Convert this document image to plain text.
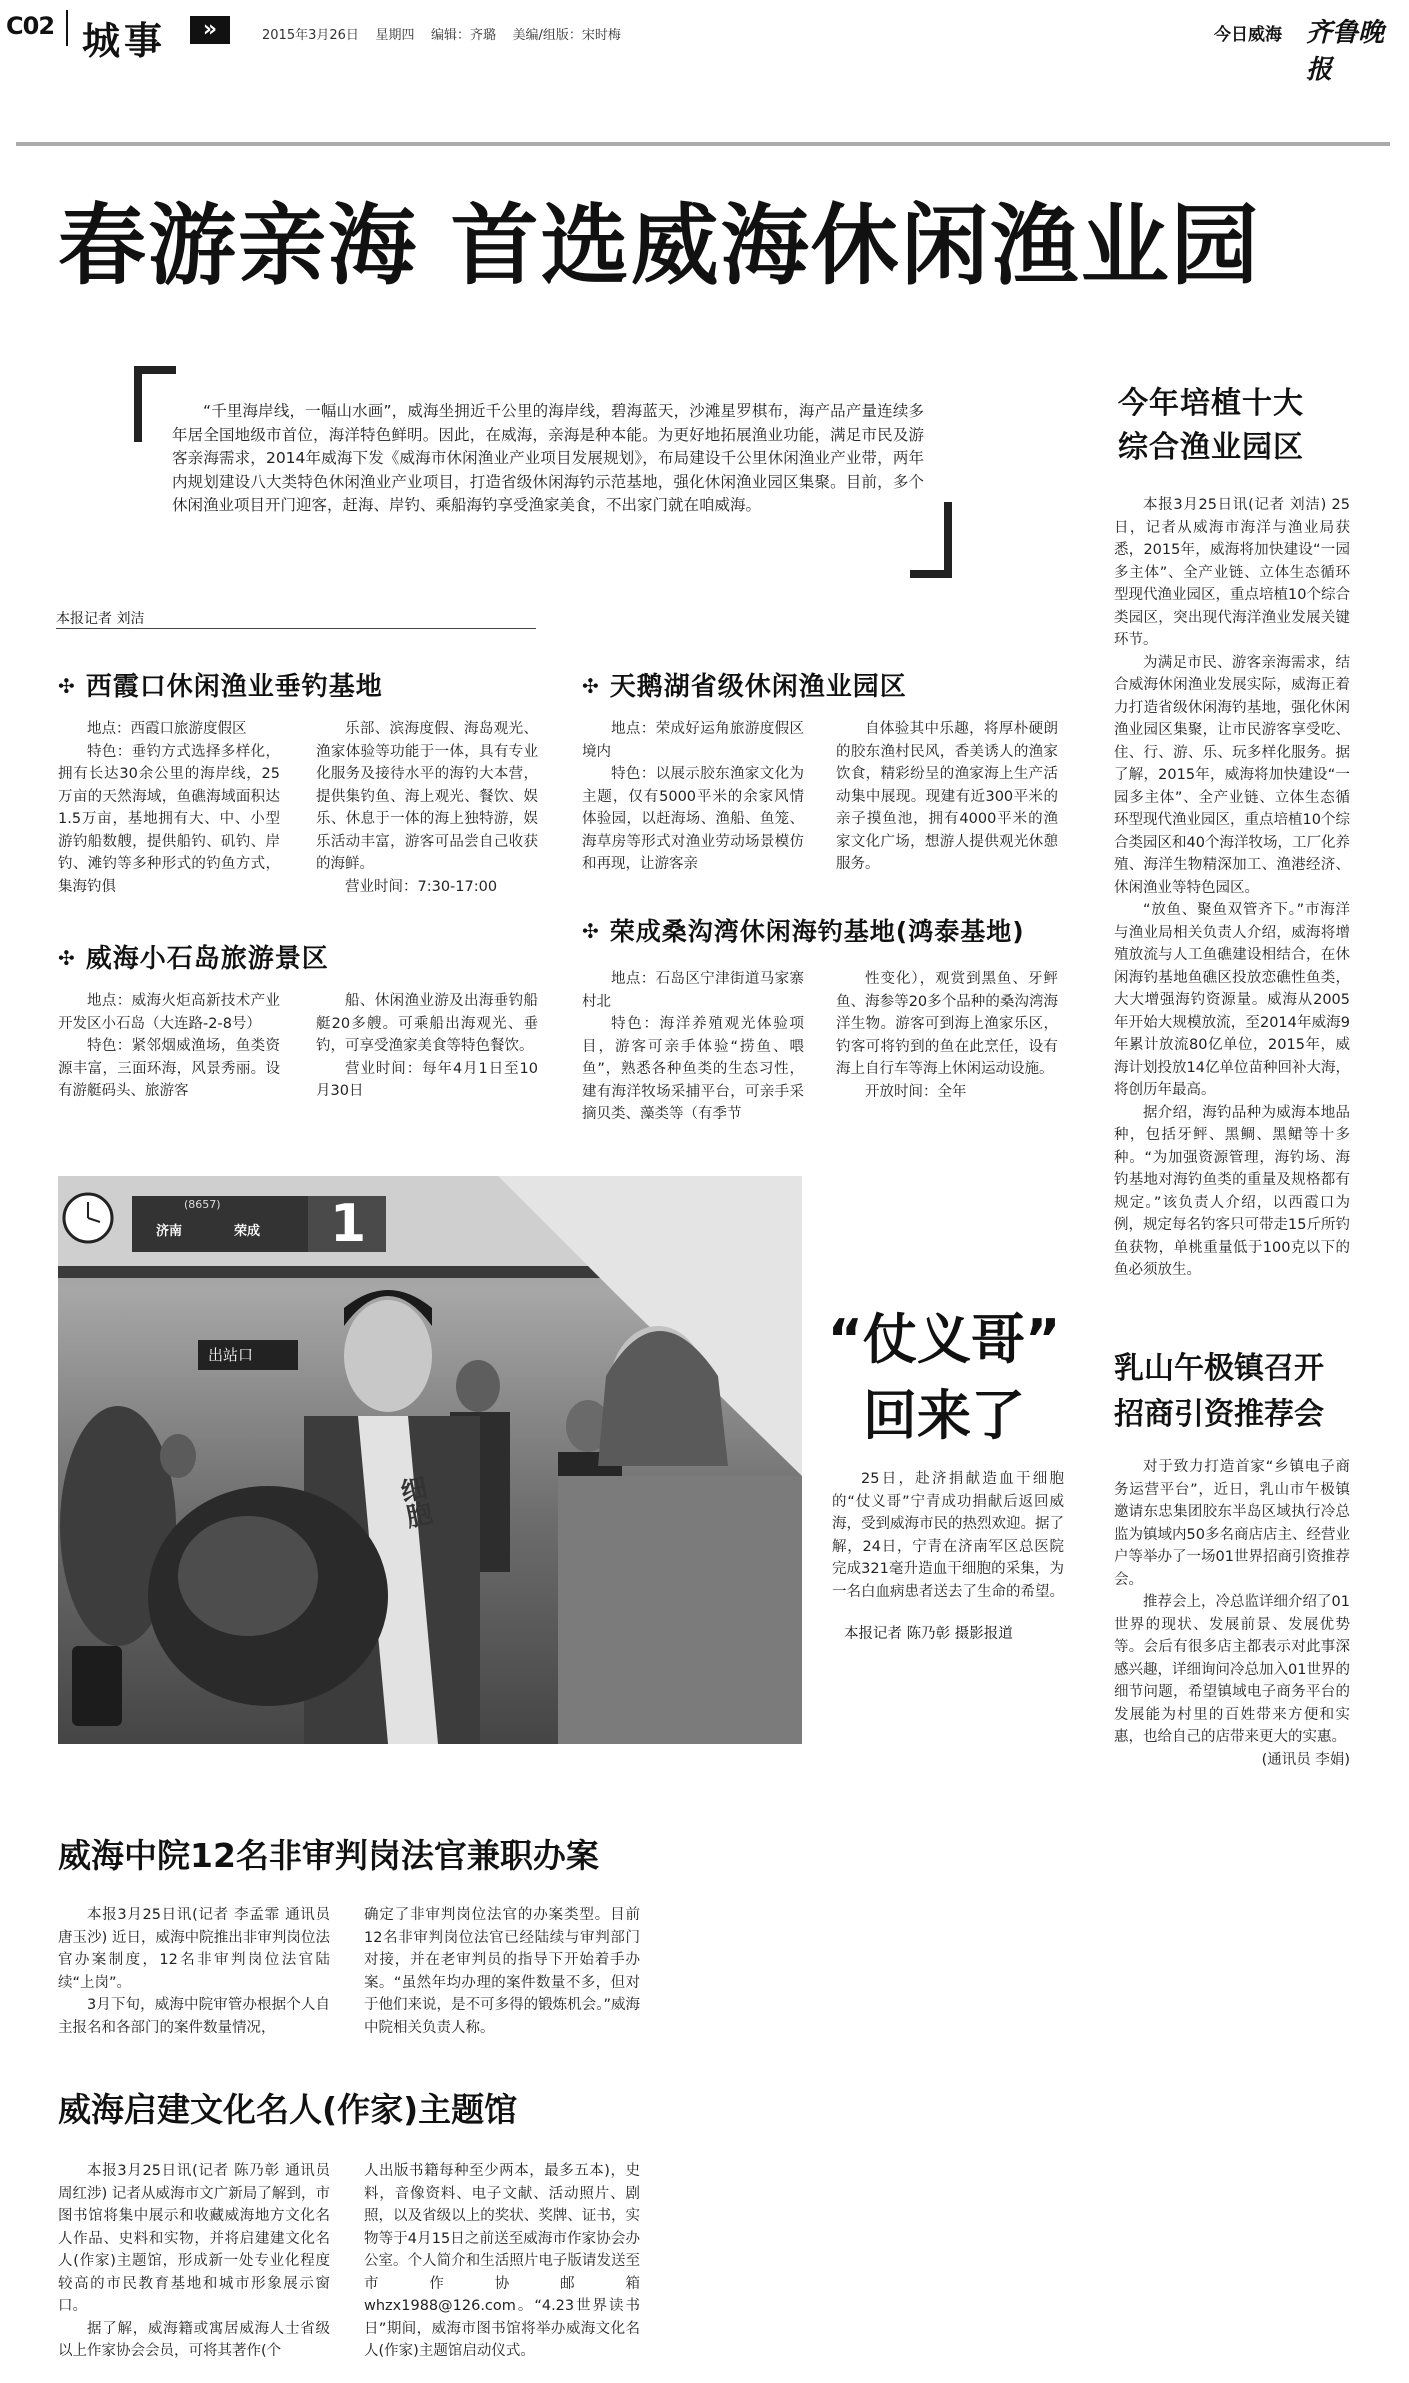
C02 城事	»	2015年3月26日 星期四 编辑：齐璐 美编/组版：宋时梅	今日威海 齐鲁晚报
春游亲海 首选威海休闲渔业园

“千里海岸线，一幅山水画”，威海坐拥近千公里的海岸线，碧海蓝天，沙滩星罗棋布，海产品产量连续多年居全国地级市首位，海洋特色鲜明。因此，在威海，亲海是种本能。为更好地拓展渔业功能，满足市民及游客亲海需求，2014年威海下发《威海市休闲渔业产业项目发展规划》，布局建设千公里休闲渔业产业带，两年内规划建设八大类特色休闲渔业产业项目，打造省级休闲海钓示范基地，强化休闲渔业园区集聚。目前，多个休闲渔业项目开门迎客，赶海、岸钓、乘船海钓享受渔家美食，不出家门就在咱威海。

本报记者 刘洁
✣ 西霞口休闲渔业垂钓基地

地点：西霞口旅游度假区

特色：垂钓方式选择多样化，拥有长达30余公里的海岸线，25万亩的天然海域，鱼礁海域面积达1.5万亩，基地拥有大、中、小型游钓船数艘，提供船钓、矶钓、岸钓、滩钓等多种形式的钓鱼方式，集海钓俱

乐部、滨海度假、海岛观光、渔家体验等功能于一体，具有专业化服务及接待水平的海钓大本营，提供集钓鱼、海上观光、餐饮、娱乐、休息于一体的海上独特游，娱乐活动丰富，游客可品尝自己收获的海鲜。

营业时间：7:30-17:00

✣ 天鹅湖省级休闲渔业园区

地点：荣成好运角旅游度假区境内

特色：以展示胶东渔家文化为主题，仅有5000平米的余家风情体验园，以赶海场、渔船、鱼笼、海草房等形式对渔业劳动场景模仿和再现，让游客亲

自体验其中乐趣，将厚朴硬朗的胶东渔村民风，香美诱人的渔家饮食，精彩纷呈的渔家海上生产活动集中展现。现建有近300平米的亲子摸鱼池，拥有4000平米的渔家文化广场，想游人提供观光休憩服务。

✣ 威海小石岛旅游景区

地点：威海火炬高新技术产业开发区小石岛（大连路-2-8号）

特色：紧邻烟威渔场，鱼类资源丰富，三面环海，风景秀丽。设有游艇码头、旅游客

船、休闲渔业游及出海垂钓船艇20多艘。可乘船出海观光、垂钓，可享受渔家美食等特色餐饮。

营业时间：每年4月1日至10月30日

✣ 荣成桑沟湾休闲海钓基地(鸿泰基地)

地点：石岛区宁津街道马家寨村北

特色：海洋养殖观光体验项目，游客可亲手体验“捞鱼、喂鱼”，熟悉各种鱼类的生态习性，建有海洋牧场采捕平台，可亲手采摘贝类、藻类等（有季节

性变化），观赏到黑鱼、牙鲆鱼、海参等20多个品种的桑沟湾海洋生物。游客可到海上渔家乐区，钓客可将钓到的鱼在此烹任，设有海上自行车等海上休闲运动设施。

开放时间：全年

今年培植十大
综合渔业园区

本报3月25日讯(记者 刘洁) 25日，记者从威海市海洋与渔业局获悉，2015年，威海将加快建设“一园多主体”、全产业链、立体生态循环型现代渔业园区，重点培植10个综合类园区，突出现代海洋渔业发展关键环节。

为满足市民、游客亲海需求，结合威海休闲渔业发展实际，威海正着力打造省级休闲海钓基地，强化休闲渔业园区集聚，让市民游客享受吃、住、行、游、乐、玩多样化服务。据了解，2015年，威海将加快建设“一园多主体”、全产业链、立体生态循环型现代渔业园区，重点培植10个综合类园区和40个海洋牧场，工厂化养殖、海洋生物精深加工、渔港经济、休闲渔业等特色园区。

“放鱼、聚鱼双管齐下。”市海洋与渔业局相关负责人介绍，威海将增殖放流与人工鱼礁建设相结合，在休闲海钓基地鱼礁区投放恋礁性鱼类，大大增强海钓资源量。威海从2005年开始大规模放流，至2014年威海9年累计放流80亿单位，2015年，威海计划投放14亿单位苗种回补大海，将创历年最高。

据介绍，海钓品种为威海本地品种，包括牙鲆、黑鲷、黑鲪等十多种。“为加强资源管理，海钓场、海钓基地对海钓鱼类的重量及规格都有规定。”该负责人介绍，以西霞口为例，规定每名钓客只可带走15斤所钓鱼获物，单桃重量低于100克以下的鱼必须放生。

(8657)
济南	荣成 1
出站口
细胞
“仗义哥”
回来了

25日，赴济捐献造血干细胞的“仗义哥”宁青成功捐献后返回威海，受到威海市民的热烈欢迎。据了解，24日，宁青在济南军区总医院完成321毫升造血干细胞的采集，为一名白血病患者送去了生命的希望。

本报记者 陈乃彰 摄影报道
乳山午极镇召开
招商引资推荐会

对于致力打造首家“乡镇电子商务运营平台”，近日，乳山市午极镇邀请东忠集团胶东半岛区域执行冷总监为镇域内50多名商店店主、经营业户等举办了一场01世界招商引资推荐会。

推荐会上，冷总监详细介绍了01世界的现状、发展前景、发展优势等。会后有很多店主都表示对此事深感兴趣，详细询问冷总加入01世界的细节问题，希望镇域电子商务平台的发展能为村里的百姓带来方便和实惠，也给自己的店带来更大的实惠。

(通讯员 李娟)
威海中院12名非审判岗法官兼职办案

本报3月25日讯(记者 李孟霏 通讯员 唐玉沙) 近日，威海中院推出非审判岗位法官办案制度，12名非审判岗位法官陆续“上岗”。

3月下旬，威海中院审管办根据个人自主报名和各部门的案件数量情况，

确定了非审判岗位法官的办案类型。目前12名非审判岗位法官已经陆续与审判部门对接，并在老审判员的指导下开始着手办案。“虽然年均办理的案件数量不多，但对于他们来说，是不可多得的锻炼机会。”威海中院相关负责人称。

威海启建文化名人(作家)主题馆

本报3月25日讯(记者 陈乃彰 通讯员 周红涉) 记者从威海市文广新局了解到，市图书馆将集中展示和收藏威海地方文化名人作品、史料和实物，并将启建建文化名人(作家)主题馆，形成新一处专业化程度较高的市民教育基地和城市形象展示窗口。

据了解，威海籍或寓居威海人士省级以上作家协会会员，可将其著作(个

人出版书籍每种至少两本，最多五本)，史料，音像资料、电子文献、活动照片、剧照，以及省级以上的奖状、奖牌、证书，实物等于4月15日之前送至威海市作家协会办公室。个人简介和生活照片电子版请发送至市作协邮箱whzx1988@126.com。“4.23世界读书日”期间，威海市图书馆将举办威海文化名人(作家)主题馆启动仪式。
